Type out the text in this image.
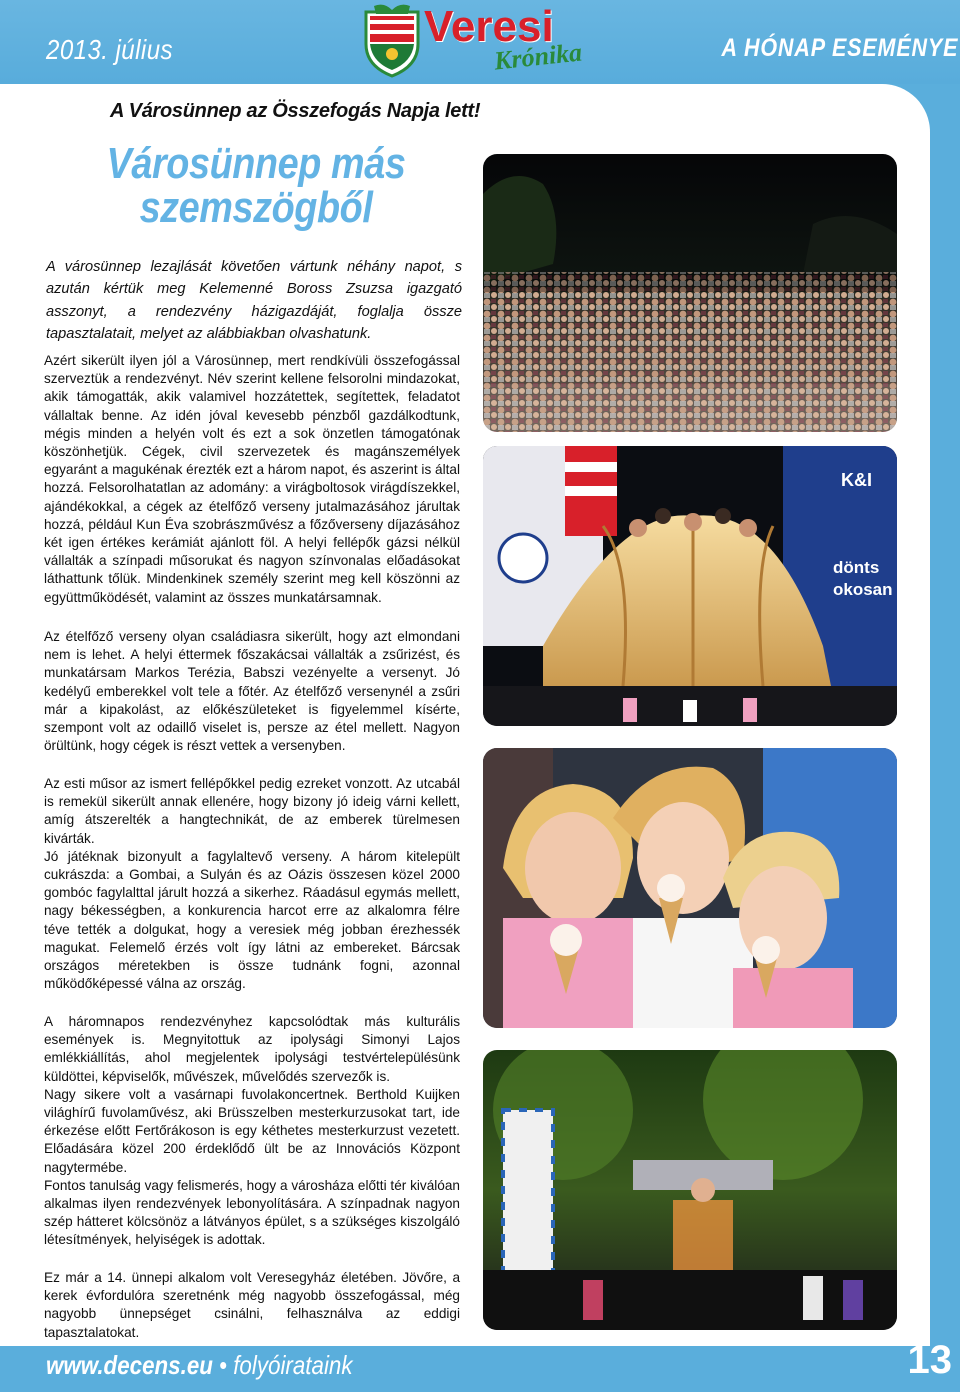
2013. július	A HÓNAP ESEMÉNYE
Veresi
Krónika
A Városünnep az Összefogás Napja lett!
Városünnep más
szemszögből
A városünnep lezajlását követően vártunk néhány napot, s azután kértük meg Kelemenné Boross Zsuzsa igazgató asszonyt, a rendezvény házigazdáját, foglalja össze tapasztalatait, melyet az alábbiakban olvashatunk.

Azért sikerült ilyen jól a Városünnep, mert rendkívüli összefogással szerveztük a rendezvényt. Név szerint kellene felsorolni mindazokat, akik támogatták, akik valamivel hozzátettek, segítettek, feladatot vállaltak benne. Az idén jóval kevesebb pénzből gazdálkodtunk, mégis minden a helyén volt és ezt a sok önzetlen támogatónak köszönhetjük. Cégek, civil szervezetek és magánszemélyek egyaránt a magukénak érezték ezt a három napot, és aszerint is által hozzá. Felsorolhatatlan az adomány: a virágboltosok virágdíszekkel, ajándékokkal, a cégek az ételfőző verseny jutalmazásához járultak hozzá, például Kun Éva szobrászművész a főzőverseny díjazásához két igen értékes kerámiát ajánlott föl. A helyi fellépők gázsi nélkül vállalták a színpadi műsorukat és nagyon színvonalas előadásokat láthattunk tőlük. Mindenkinek személy szerint meg kell köszönni az együttműködését, valamint az összes munkatársamnak.

Az ételfőző verseny olyan családiasra sikerült, hogy azt elmondani nem is lehet. A helyi éttermek főszakácsai vállalták a zsűrizést, és munkatársam Markos Terézia, Babszi vezényelte a versenyt. Jó kedélyű emberekkel volt tele a főtér. Az ételfőző versenynél a zsűri már a kipakolást, az előkészületeket is figyelemmel kísérte, szempont volt az odaillő viselet is, persze az étel mellett. Nagyon örültünk, hogy cégek is részt vettek a versenyben.

Az esti műsor az ismert fellépőkkel pedig ezreket vonzott. Az utcabál is remekül sikerült annak ellenére, hogy bizony jó ideig várni kellett, amíg átszerelték a hangtechnikát, de az emberek türelmesen kivárták.

Jó játéknak bizonyult a fagylaltevő verseny. A három kitelepült cukrászda: a Gombai, a Sulyán és az Oázis összesen közel 2000 gombóc fagylalttal járult hozzá a sikerhez. Ráadásul egymás mellett, nagy békességben, a konkurencia harcot erre az alkalomra félre téve tették a dolgukat, hogy a veresiek még jobban érezhessék magukat. Felemelő érzés volt így látni az embereket. Bárcsak országos méretekben is össze tudnánk fogni, azonnal működőképessé válna az ország.

A háromnapos rendezvényhez kapcsolódtak más kulturális események is. Megnyitottuk az ipolysági Simonyi Lajos emlékkiállítás, ahol megjelentek ipolysági testvértelepülésünk küldöttei, képviselők, művészek, művelődés szervezők is.

Nagy sikere volt a vasárnapi fuvolakoncertnek. Berthold Kuijken világhírű fuvolaművész, aki Brüsszelben mesterkurzusokat tart, ide érkezése előtt Fertőrákoson is egy kéthetes mesterkurzust vezetett. Előadására közel 200 érdeklődő ült be az Innovációs Központ nagytermébe.

Fontos tanulság vagy felismerés, hogy a városháza előtti tér kiválóan alkalmas ilyen rendezvények lebonyolítására. A színpadnak nagyon szép hátteret kölcsönöz a látványos épület, s a szükséges kiszolgáló létesítmények, helyiségek is adottak.

Ez már a 14. ünnepi alkalom volt Veresegyház életében. Jövőre, a kerek évfordulóra szeretnénk még nagyobb összefogással, még nagyobb ünnepséget csinálni, felhasználva az eddigi tapasztalatokat.

K&I
dönts
okosan
www.decens.eu • folyóirataink	13
